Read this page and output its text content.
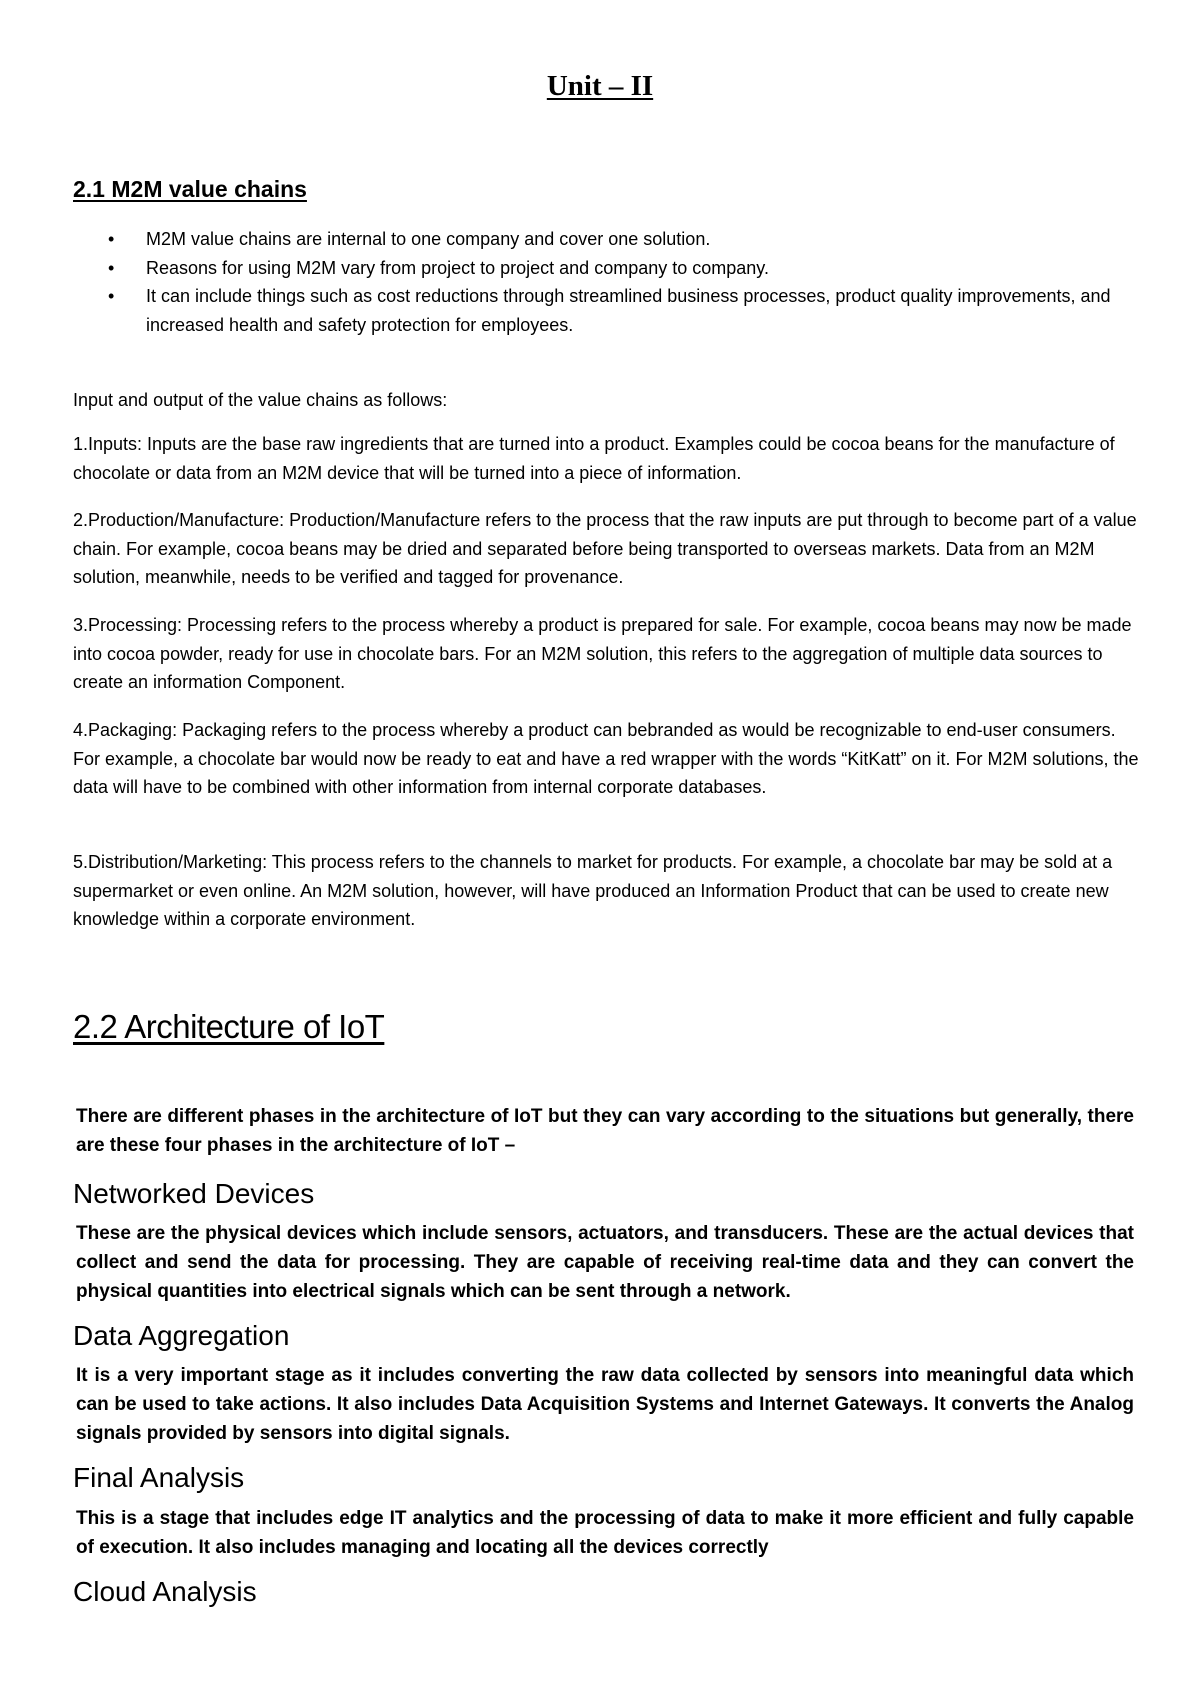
Unit – II
2.1 M2M value chains
• M2M value chains are internal to one company and cover one solution.
• Reasons for using M2M vary from project to project and company to company.
• It can include things such as cost reductions through streamlined business processes, product quality improvements, and increased health and safety protection for employees.

Input and output of the value chains as follows:

1.Inputs: Inputs are the base raw ingredients that are turned into a product. Examples could be cocoa beans for the manufacture of chocolate or data from an M2M device that will be turned into a piece of information.

2.Production/Manufacture: Production/Manufacture refers to the process that the raw inputs are put through to become part of a value chain. For example, cocoa beans may be dried and separated before being transported to overseas markets. Data from an M2M solution, meanwhile, needs to be verified and tagged for provenance.

3.Processing: Processing refers to the process whereby a product is prepared for sale. For example, cocoa beans may now be made into cocoa powder, ready for use in chocolate bars. For an M2M solution, this refers to the aggregation of multiple data sources to create an information Component.

4.Packaging: Packaging refers to the process whereby a product can bebranded as would be recognizable to end-user consumers. For example, a chocolate bar would now be ready to eat and have a red wrapper with the words “KitKatt” on it. For M2M solutions, the data will have to be combined with other information from internal corporate databases.

5.Distribution/Marketing: This process refers to the channels to market for products. For example, a chocolate bar may be sold at a supermarket or even online. An M2M solution, however, will have produced an Information Product that can be used to create new knowledge within a corporate environment.

2.2 Architecture of IoT

There are different phases in the architecture of IoT but they can vary according to the situations but generally, there are these four phases in the architecture of IoT –

Networked Devices

These are the physical devices which include sensors, actuators, and transducers. These are the actual devices that collect and send the data for processing. They are capable of receiving real-time data and they can convert the physical quantities into electrical signals which can be sent through a network.

Data Aggregation

It is a very important stage as it includes converting the raw data collected by sensors into meaningful data which can be used to take actions. It also includes Data Acquisition Systems and Internet Gateways. It converts the Analog signals provided by sensors into digital signals.

Final Analysis

This is a stage that includes edge IT analytics and the processing of data to make it more efficient and fully capable of execution. It also includes managing and locating all the devices correctly

Cloud Analysis
